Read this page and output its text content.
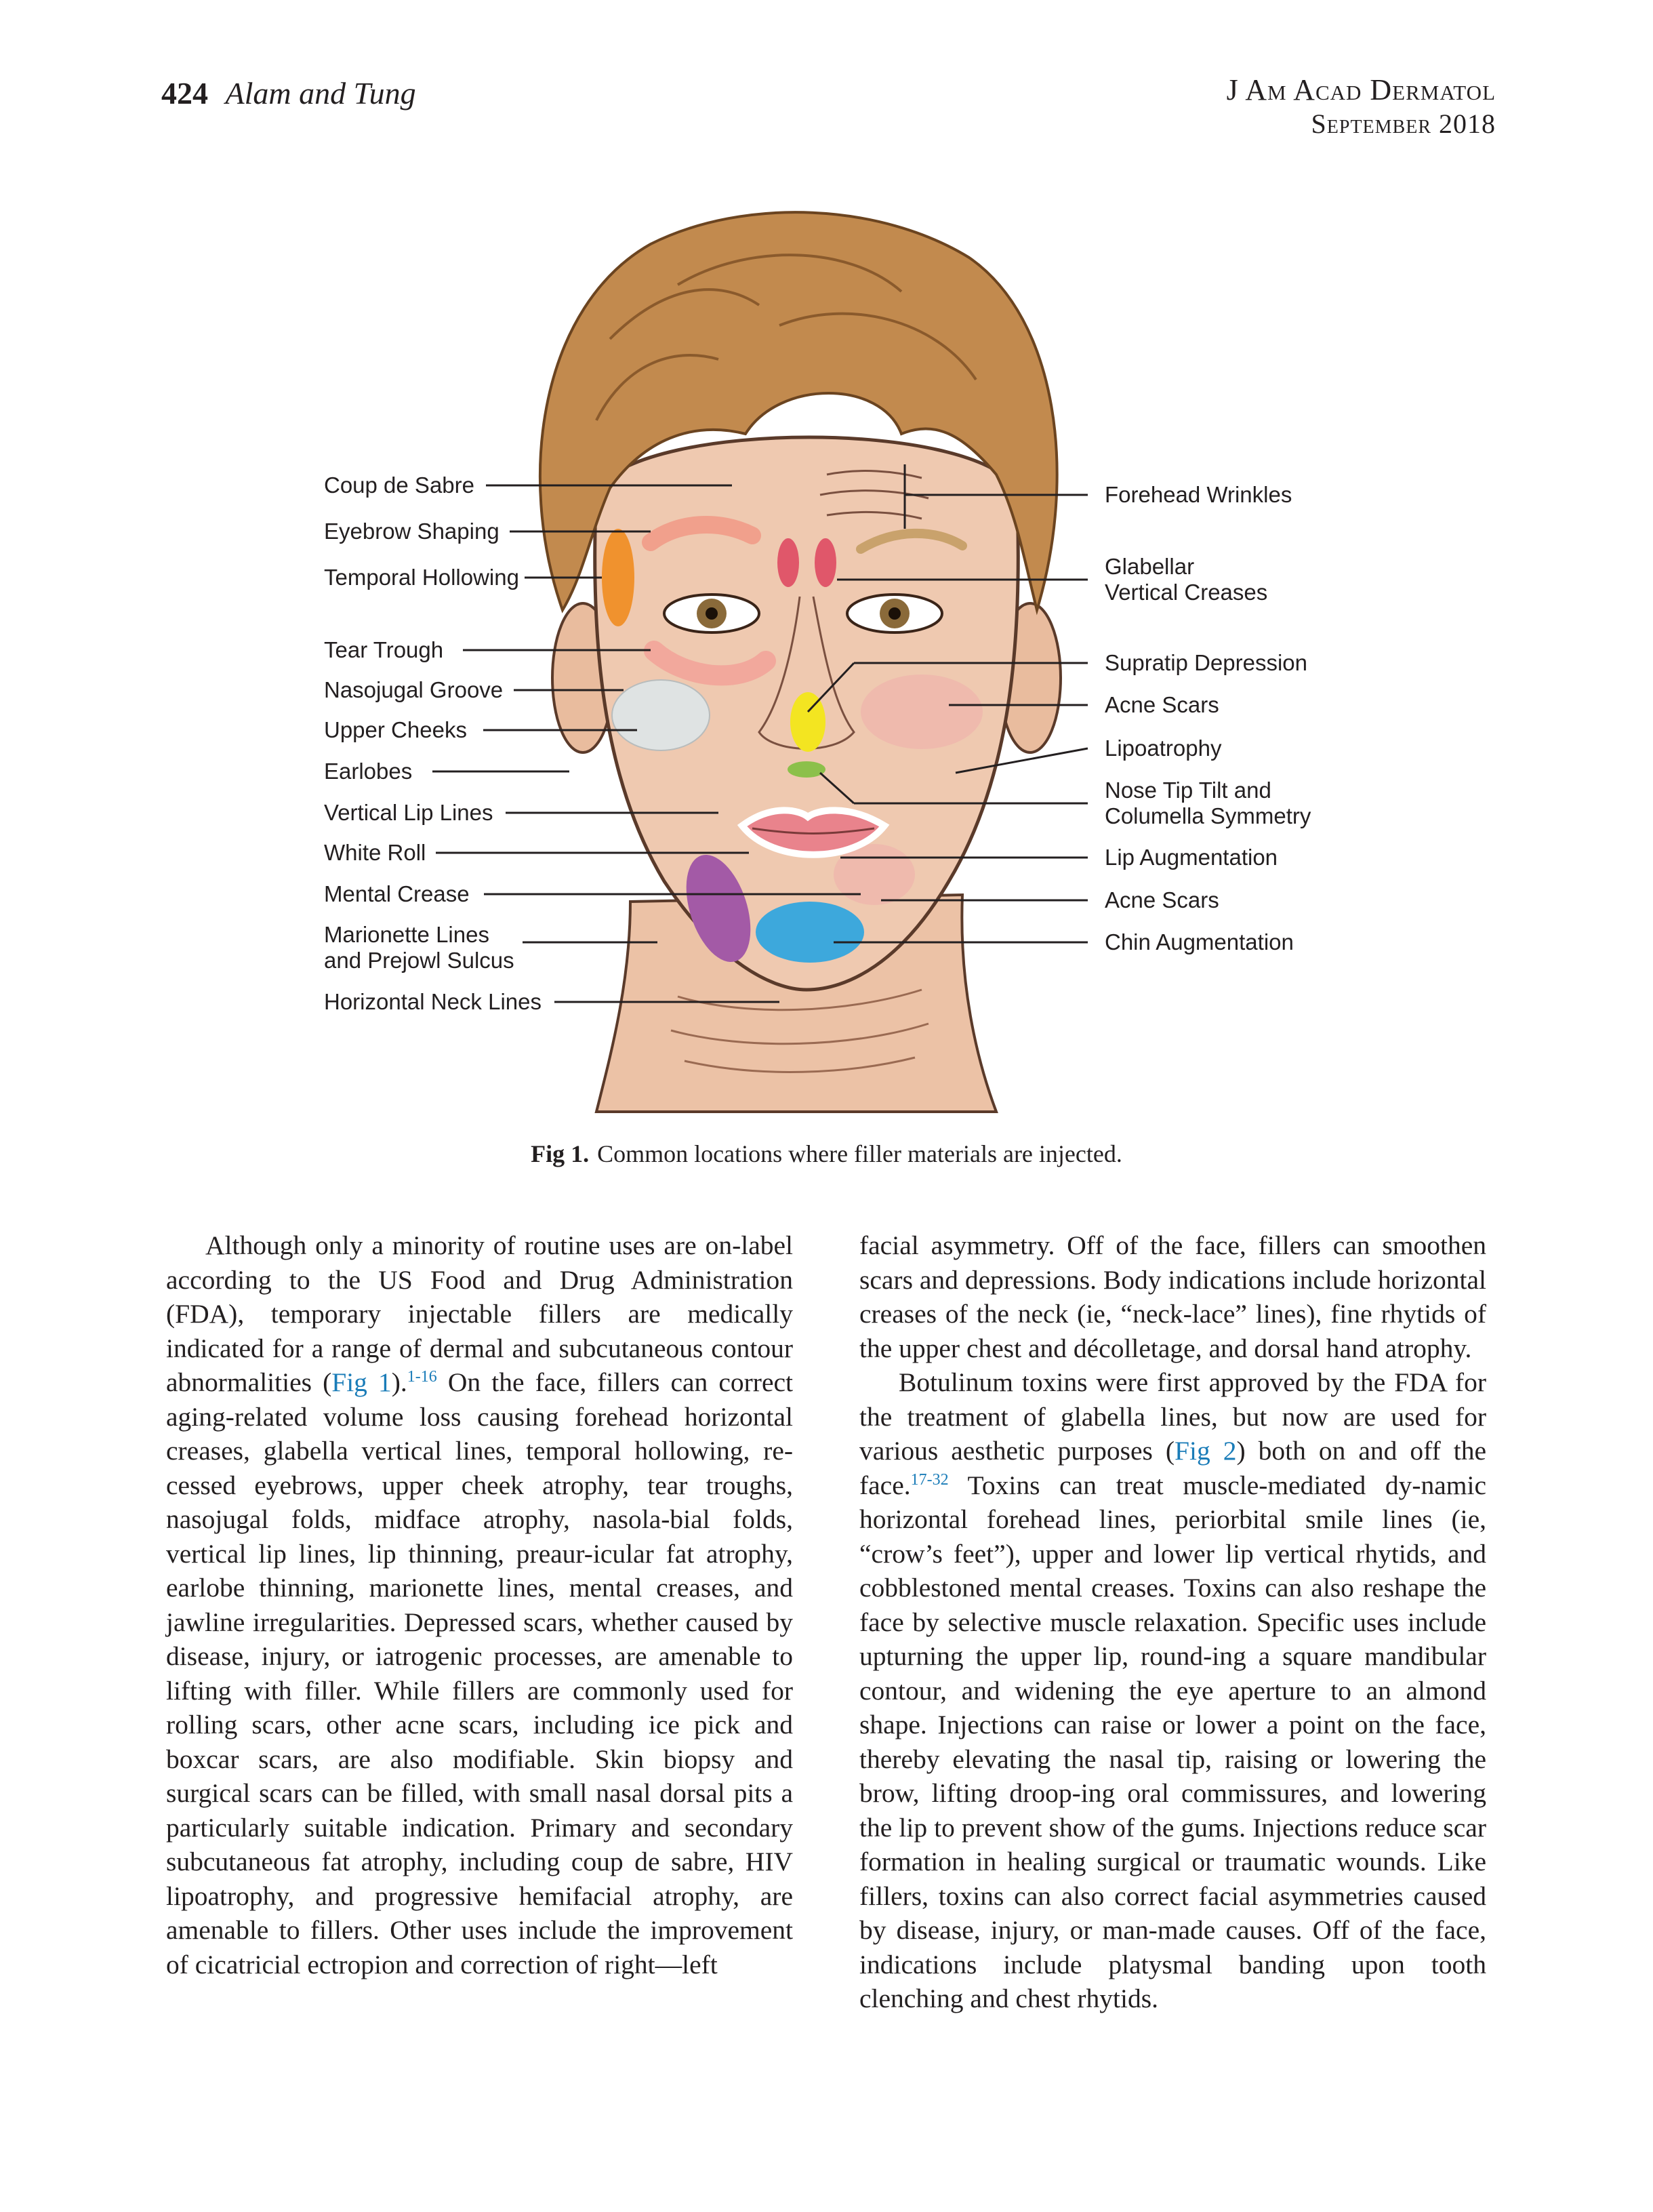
424 Alam and Tung	J Am Acad Dermatol
September 2018
Coup de Sabre
Eyebrow Shaping
Temporal Hollowing
Tear Trough
Nasojugal Groove
Upper Cheeks
Earlobes
Vertical Lip Lines
White Roll
Mental Crease
Marionette Lines
and Prejowl Sulcus
Horizontal Neck Lines
Forehead Wrinkles
Glabellar
Vertical Creases
Supratip Depression
Acne Scars
Lipoatrophy
Nose Tip Tilt and
Columella Symmetry
Lip Augmentation
Acne Scars
Chin Augmentation
Fig 1. Common locations where filler materials are injected.

Although only a minority of routine uses are on-label according to the US Food and Drug Administration (FDA), temporary injectable fillers are medically indicated for a range of dermal and subcutaneous contour abnormalities (Fig 1).$^{1-16}$ On the face, fillers can correct aging-related volume loss causing forehead horizontal creases, glabella vertical lines, temporal hollowing, re-cessed eyebrows, upper cheek atrophy, tear troughs, nasojugal folds, midface atrophy, nasola-bial folds, vertical lip lines, lip thinning, preaur-icular fat atrophy, earlobe thinning, marionette lines, mental creases, and jawline irregularities. Depressed scars, whether caused by disease, injury, or iatrogenic processes, are amenable to lifting with filler. While fillers are commonly used for rolling scars, other acne scars, including ice pick and boxcar scars, are also modifiable. Skin biopsy and surgical scars can be filled, with small nasal dorsal pits a particularly suitable indication. Primary and secondary subcutaneous fat atrophy, including coup de sabre, HIV lipoatrophy, and progressive hemifacial atrophy, are amenable to fillers. Other uses include the improvement of cicatricial ectropion and correction of right—left

facial asymmetry. Off of the face, fillers can smoothen scars and depressions. Body indications include horizontal creases of the neck (ie, “neck-lace” lines), fine rhytids of the upper chest and décolletage, and dorsal hand atrophy.

Botulinum toxins were first approved by the FDA for the treatment of glabella lines, but now are used for various aesthetic purposes (Fig 2) both on and off the face.$^{17-32}$ Toxins can treat muscle-mediated dy-namic horizontal forehead lines, periorbital smile lines (ie, “crow’s feet”), upper and lower lip vertical rhytids, and cobblestoned mental creases. Toxins can also reshape the face by selective muscle relaxation. Specific uses include upturning the upper lip, round-ing a square mandibular contour, and widening the eye aperture to an almond shape. Injections can raise or lower a point on the face, thereby elevating the nasal tip, raising or lowering the brow, lifting droop-ing oral commissures, and lowering the lip to prevent show of the gums. Injections reduce scar formation in healing surgical or traumatic wounds. Like fillers, toxins can also correct facial asymmetries caused by disease, injury, or man-made causes. Off of the face, indications include platysmal banding upon tooth clenching and chest rhytids.
